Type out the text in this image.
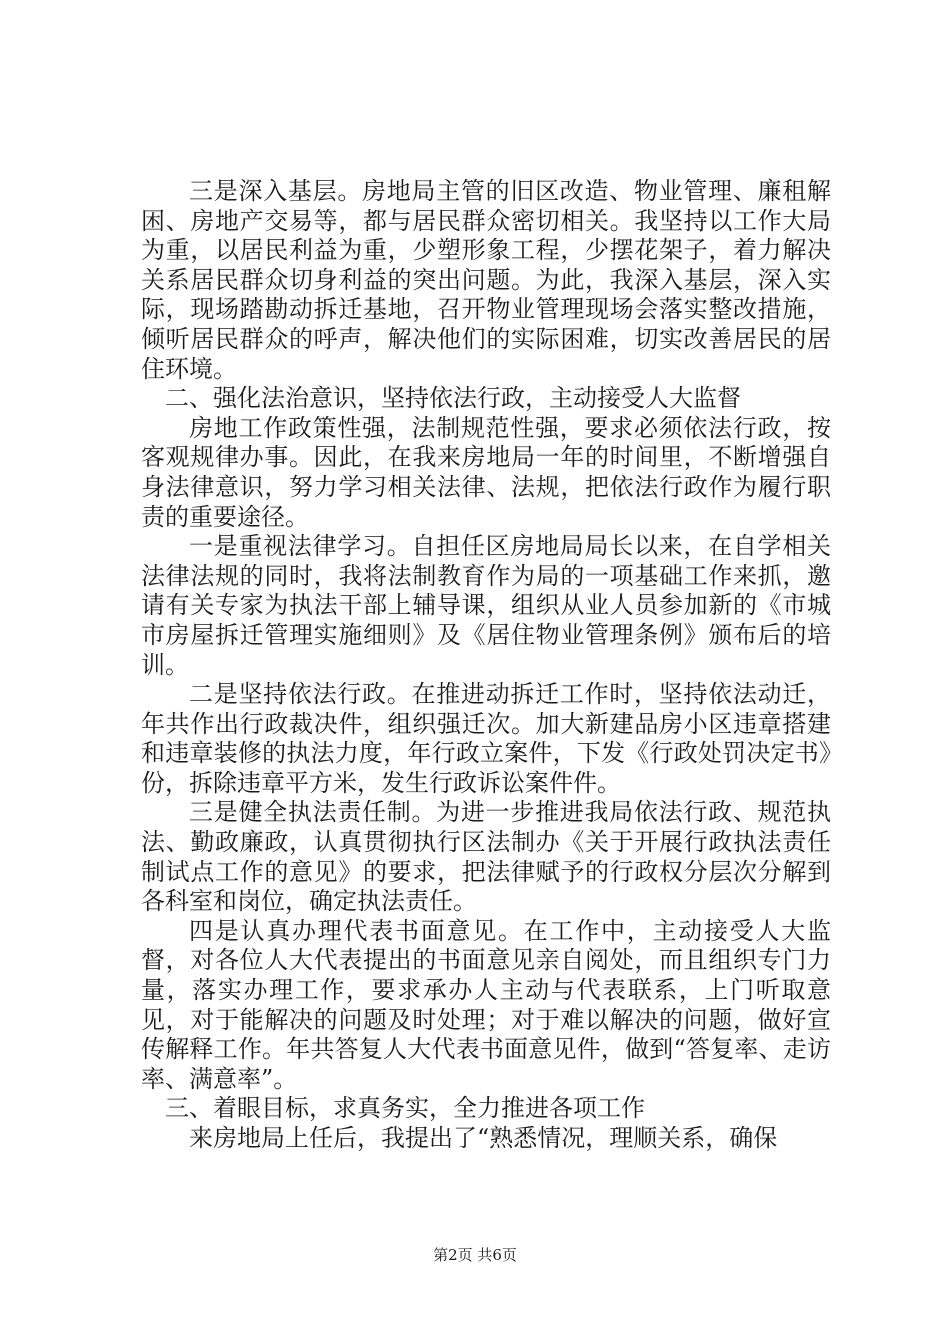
三是深入基层。房地局主管的旧区改造、物业管理、廉租解困、房地产交易等，都与居民群众密切相关。我坚持以工作大局为重，以居民利益为重，少塑形象工程，少摆花架子，着力解决关系居民群众切身利益的突出问题。为此，我深入基层，深入实际，现场踏勘动拆迁基地，召开物业管理现场会落实整改措施，倾听居民群众的呼声，解决他们的实际困难，切实改善居民的居住环境。

二、强化法治意识，坚持依法行政，主动接受人大监督

房地工作政策性强，法制规范性强，要求必须依法行政，按客观规律办事。因此，在我来房地局一年的时间里，不断增强自身法律意识，努力学习相关法律、法规，把依法行政作为履行职责的重要途径。

一是重视法律学习。自担任区房地局局长以来，在自学相关法律法规的同时，我将法制教育作为局的一项基础工作来抓，邀请有关专家为执法干部上辅导课，组织从业人员参加新的《市城市房屋拆迁管理实施细则》及《居住物业管理条例》颁布后的培训。

二是坚持依法行政。在推进动拆迁工作时，坚持依法动迁，年共作出行政裁决件，组织强迁次。加大新建品房小区违章搭建和违章装修的执法力度，年行政立案件，下发《行政处罚决定书》份，拆除违章平方米，发生行政诉讼案件件。

三是健全执法责任制。为进一步推进我局依法行政、规范执法、勤政廉政，认真贯彻执行区法制办《关于开展行政执法责任制试点工作的意见》的要求，把法律赋予的行政权分层次分解到各科室和岗位，确定执法责任。

四是认真办理代表书面意见。在工作中，主动接受人大监督，对各位人大代表提出的书面意见亲自阅处，而且组织专门力量，落实办理工作，要求承办人主动与代表联系，上门听取意见，对于能解决的问题及时处理；对于难以解决的问题，做好宣传解释工作。年共答复人大代表书面意见件，做到“答复率、走访率、满意率”。

三、着眼目标，求真务实，全力推进各项工作

来房地局上任后，我提出了“熟悉情况，理顺关系，确保

第2页 共6页
